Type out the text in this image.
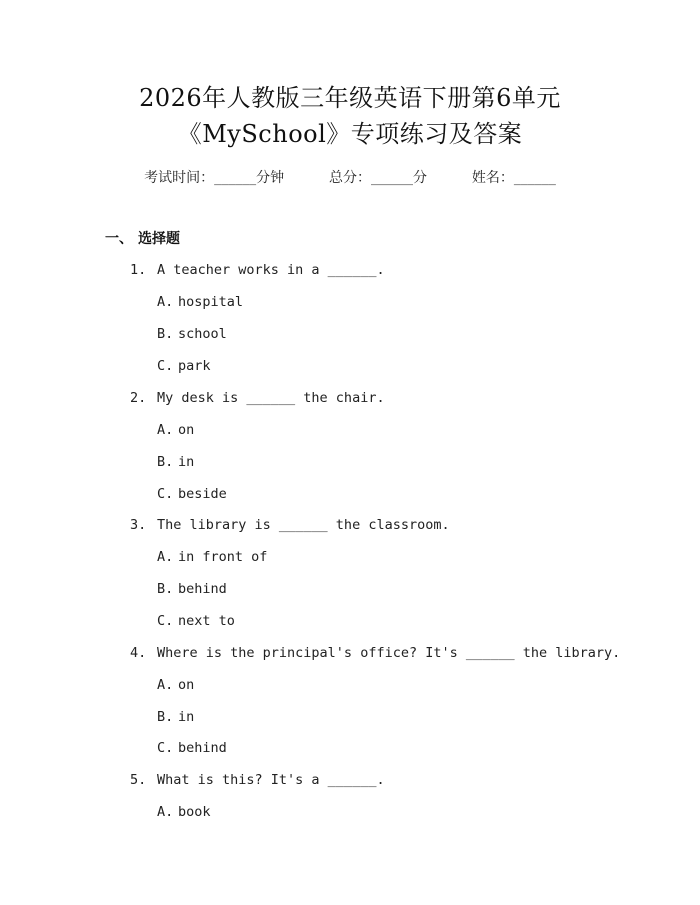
2026年人教版三年级英语下册第6单元
《MySchool》专项练习及答案
考试时间：______分钟	总分：______分	姓名：______
一、 选择题
1. A teacher works in a ______.
A. hospital
B. school
C. park
2. My desk is ______ the chair.
A. on
B. in
C. beside
3. The library is ______ the classroom.
A. in front of
B. behind
C. next to
4. Where is the principal's office? It's ______ the library.
A. on
B. in
C. behind
5. What is this? It's a ______.
A. book
